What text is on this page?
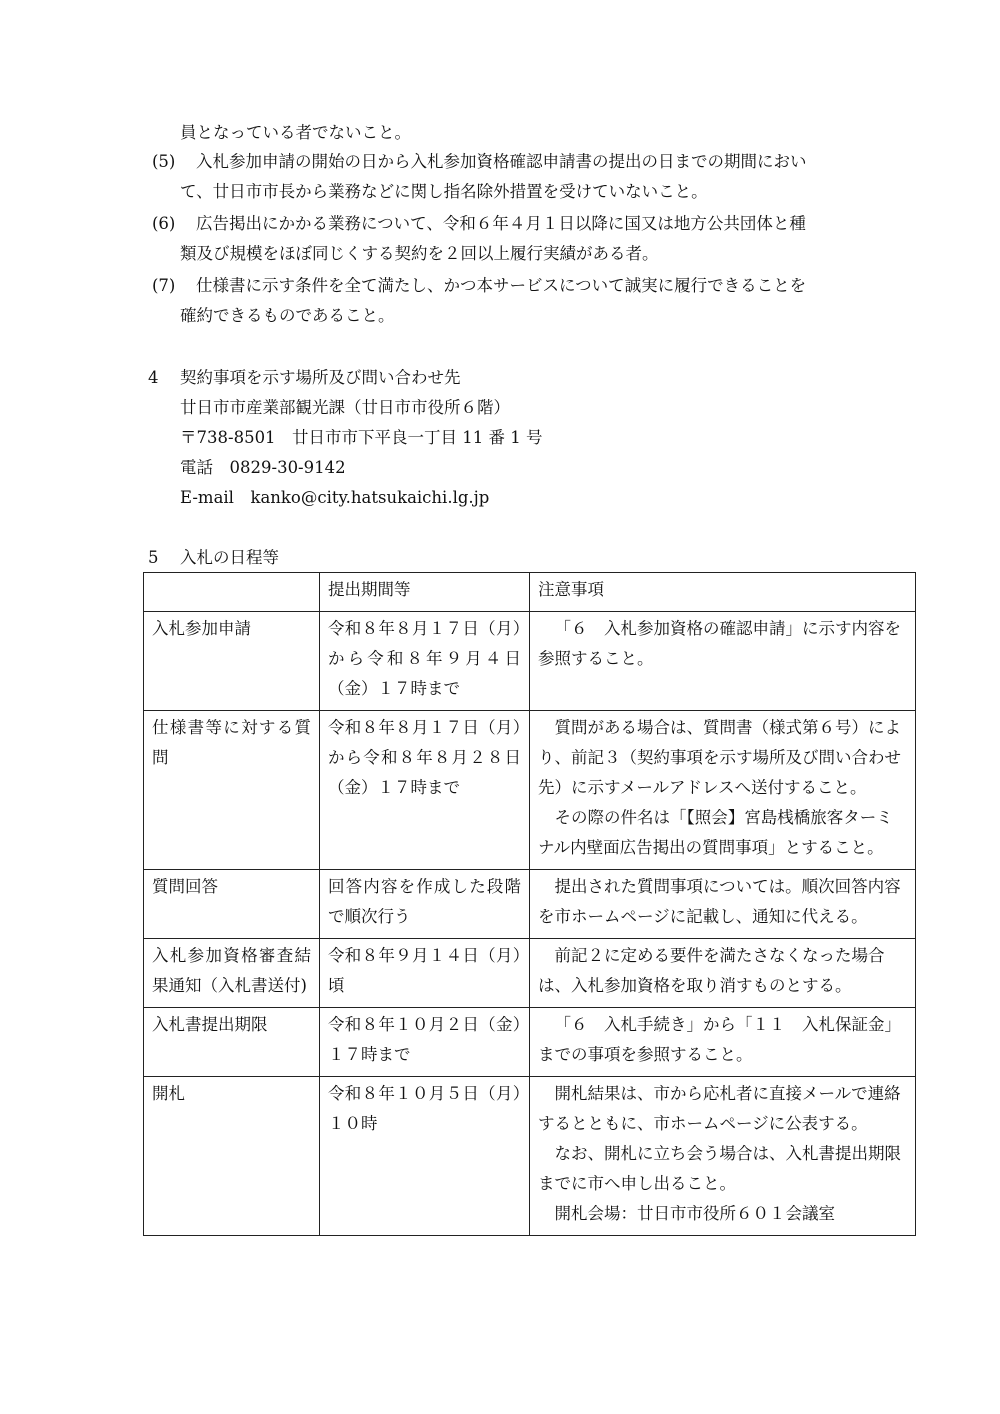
員となっている者でないこと。
(5) 入札参加申請の開始の日から入札参加資格確認申請書の提出の日までの期間におい
て、廿日市市長から業務などに関し指名除外措置を受けていないこと。
(6) 広告掲出にかかる業務について、令和６年４月１日以降に国又は地方公共団体と種
類及び規模をほぼ同じくする契約を２回以上履行実績がある者。
(7) 仕様書に示す条件を全て満たし、かつ本サービスについて誠実に履行できることを
確約できるものであること。
4 契約事項を示す場所及び問い合わせ先
廿日市市産業部観光課（廿日市市役所６階）
〒738-8501　廿日市市下平良一丁目 11 番 1 号
電話　0829-30-9142
E-mail　kanko@city.hatsukaichi.lg.jp
5 入札の日程等
	提出期間等	注意事項
入札参加申請	令和８年８月１７日（月）から令和８年９月４日（金）１７時まで	「６　入札参加資格の確認申請」に示す内容を参照すること。

仕様書等に対する質問	令和８年８月１７日（月）から令和８年８月２８日（金）１７時まで	質問がある場合は、質問書（様式第６号）により、前記３（契約事項を示す場所及び問い合わせ先）に示すメールアドレスへ送付すること。

その際の件名は「【照会】宮島桟橋旅客ターミナル内壁面広告掲出の質問事項」とすること。

質問回答	回答内容を作成した段階で順次行う	提出された質問事項については。順次回答内容を市ホームページに記載し、通知に代える。

入札参加資格審査結果通知（入札書送付)	令和８年９月１４日（月）頃	前記２に定める要件を満たさなくなった場合は、入札参加資格を取り消すものとする。

入札書提出期限	令和８年１０月２日（金）１７時まで	「６　入札手続き」から「１１　入札保証金」までの事項を参照すること。

開札	令和８年１０月５日（月）１０時	開札結果は、市から応札者に直接メールで連絡するとともに、市ホームページに公表する。

なお、開札に立ち会う場合は、入札書提出期限までに市へ申し出ること。

開札会場：廿日市市役所６０１会議室
